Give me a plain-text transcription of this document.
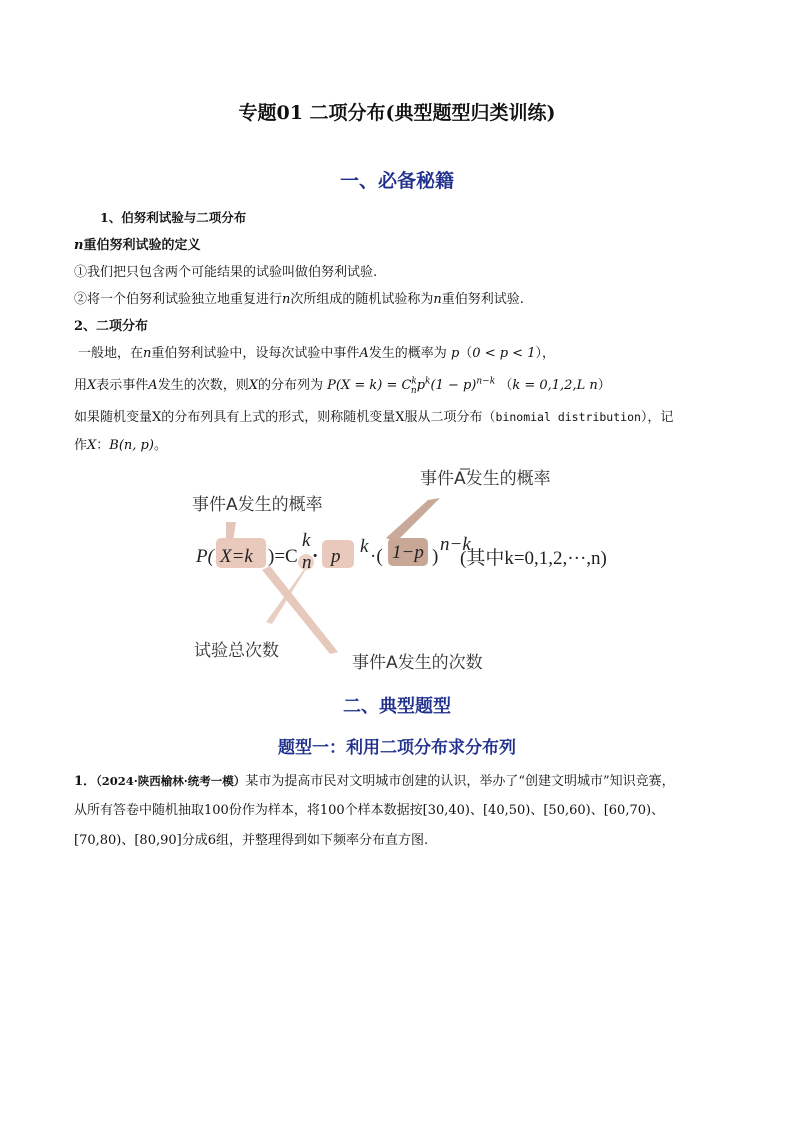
专题01 二项分布(典型题型归类训练)
一、必备秘籍
1、伯努利试验与二项分布
n重伯努利试验的定义
①我们把只包含两个可能结果的试验叫做伯努利试验.
②将一个伯努利试验独立地重复进行n次所组成的随机试验称为n重伯努利试验.
2、二项分布
一般地，在n重伯努利试验中，设每次试验中事件A发生的概率为 p（0 < p < 1），
用X表示事件A发生的次数，则X的分布列为 $P(X = k) = C^k_np^k(1 - p)^{n-k}$ （k = 0,1,2,L n）
如果随机变量X的分布列具有上式的形式，则称随机变量X服从二项分布（binomial distribution），记
作X：B(n, p)。
事件A发生的概率
事件A发生的概率
试验总次数
事件A发生的次数
P( X=k )=C
k
n · p k ·( 1−p )
n−k
(其中k=0,1,2,···,n)
二、典型题型
题型一：利用二项分布求分布列
1．（2024·陕西榆林·统考一模）某市为提高市民对文明城市创建的认识，举办了“创建文明城市”知识竞赛，
从所有答卷中随机抽取100份作为样本，将100个样本数据按[30,40)、[40,50)、[50,60)、[60,70)、
[70,80)、[80,90]分成6组，并整理得到如下频率分布直方图.
